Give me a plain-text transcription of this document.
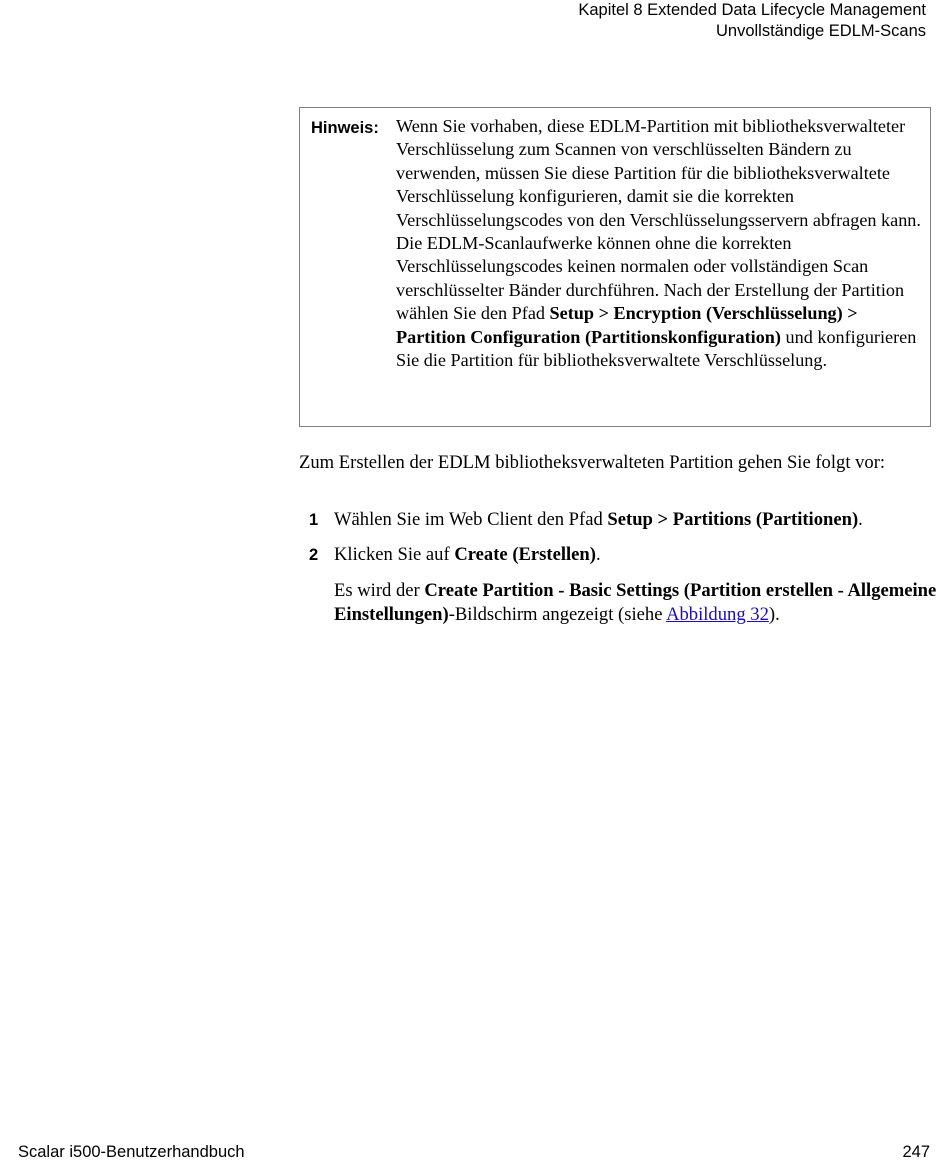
Kapitel 8 Extended Data Lifecycle Management
Unvollständige EDLM-Scans
Hinweis: Wenn Sie vorhaben, diese EDLM-Partition mit bibliotheksverwalteter Verschlüsselung zum Scannen von verschlüsselten Bändern zu verwenden, müssen Sie diese Partition für die bibliotheksverwaltete Verschlüsselung konfigurieren, damit sie die korrekten Verschlüsselungscodes von den Verschlüsselungsservern abfragen kann. Die EDLM-Scanlaufwerke können ohne die korrekten Verschlüsselungscodes keinen normalen oder vollständigen Scan verschlüsselter Bänder durchführen. Nach der Erstellung der Partition wählen Sie den Pfad Setup > Encryption (Verschlüsselung) > Partition Configuration (Partitionskonfiguration) und konfigurieren Sie die Partition für bibliotheksverwaltete Verschlüsselung.
Zum Erstellen der EDLM bibliotheksverwalteten Partition gehen Sie folgt vor:
1 Wählen Sie im Web Client den Pfad Setup > Partitions (Partitionen).
2 Klicken Sie auf Create (Erstellen).
Es wird der Create Partition - Basic Settings (Partition erstellen - Allgemeine Einstellungen)-Bildschirm angezeigt (siehe Abbildung 32).
Scalar i500-Benutzerhandbuch	247
